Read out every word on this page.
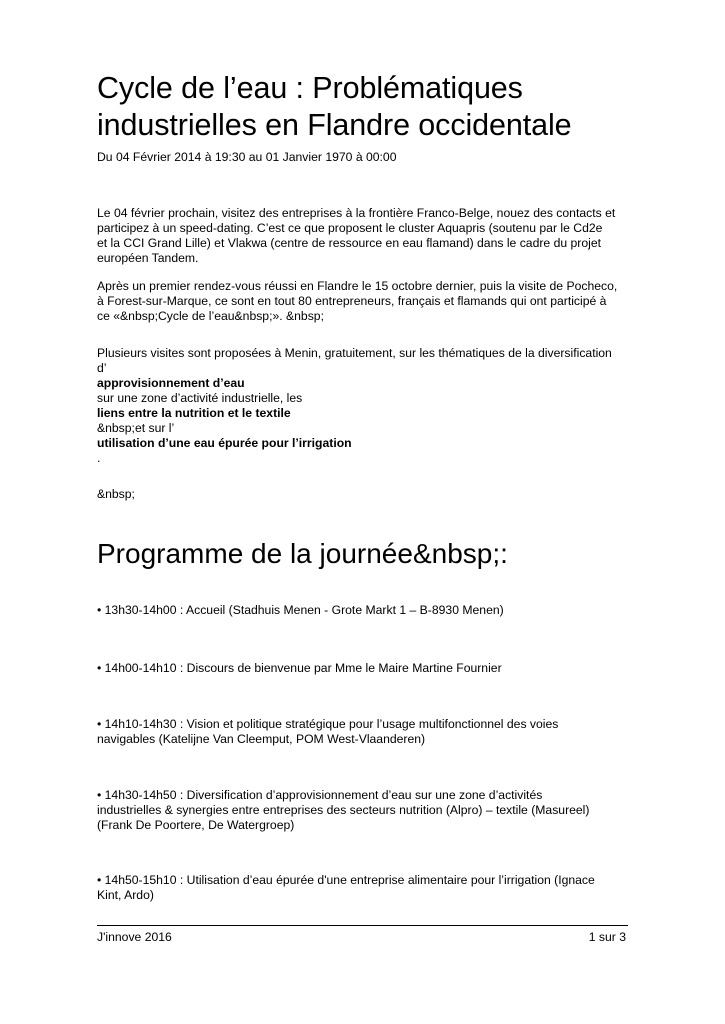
Cycle de l’eau : Problématiques
industrielles en Flandre occidentale
Du 04 Février 2014 à 19:30 au 01 Janvier 1970 à 00:00

Le 04 février prochain, visitez des entreprises à la frontière Franco-Belge, nouez des contacts et
participez à un speed-dating. C’est ce que proposent le cluster Aquapris (soutenu par le Cd2e
et la CCI Grand Lille) et Vlakwa (centre de ressource en eau flamand) dans le cadre du projet
européen Tandem.

Après un premier rendez-vous réussi en Flandre le 15 octobre dernier, puis la visite de Pocheco,
à Forest-sur-Marque, ce sont en tout 80 entrepreneurs, français et flamands qui ont participé à
ce «&nbsp;Cycle de l’eau&nbsp;». &nbsp;

Plusieurs visites sont proposées à Menin, gratuitement, sur les thématiques de la diversification
d’
approvisionnement d’eau
sur une zone d’activité industrielle, les
liens entre la nutrition et le textile
&nbsp;et sur l’
utilisation d’une eau épurée pour l’irrigation
.

&nbsp;

Programme de la journée&nbsp;:

• 13h30-14h00 : Accueil (Stadhuis Menen - Grote Markt 1 – B-8930 Menen)

• 14h00-14h10 : Discours de bienvenue par Mme le Maire Martine Fournier

• 14h10-14h30 : Vision et politique stratégique pour l’usage multifonctionnel des voies
navigables (Katelijne Van Cleemput, POM West-Vlaanderen)

• 14h30-14h50 : Diversification d’approvisionnement d’eau sur une zone d’activités
industrielles & synergies entre entreprises des secteurs nutrition (Alpro) – textile (Masureel)
(Frank De Poortere, De Watergroep)

• 14h50-15h10 : Utilisation d’eau épurée d'une entreprise alimentaire pour l’irrigation (Ignace
Kint, Ardo)

J'innove 2016	1 sur 3
